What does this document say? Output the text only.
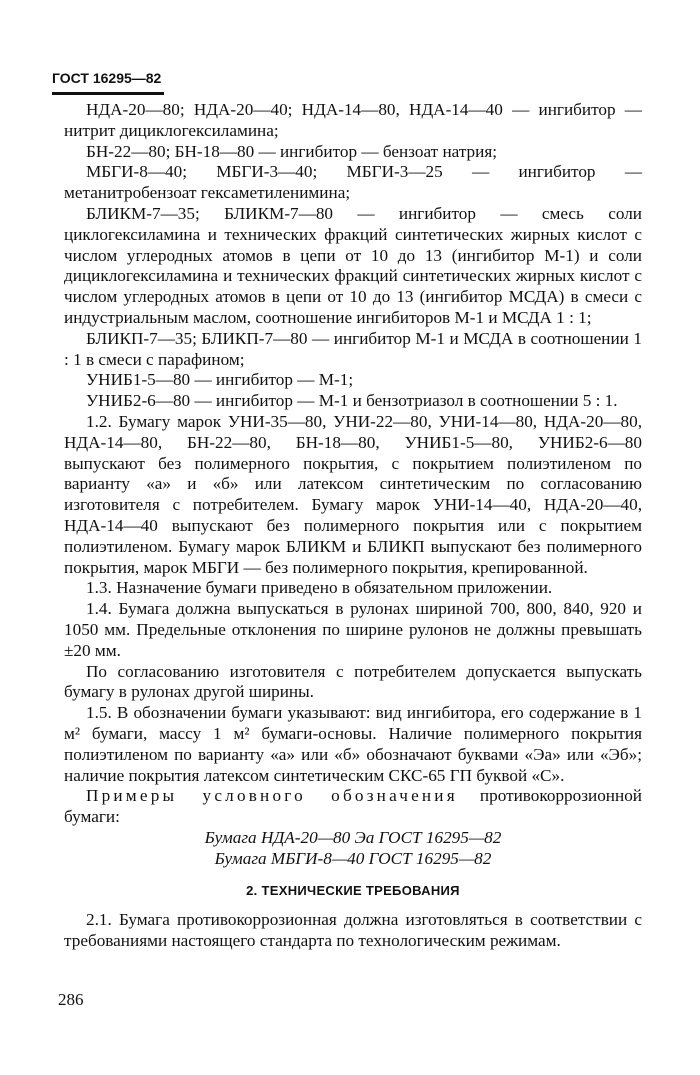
ГОСТ 16295—82

НДА-20—80; НДА-20—40; НДА-14—80, НДА-14—40 — ингибитор — нитрит дициклогексиламина;

БН-22—80; БН-18—80 — ингибитор — бензоат натрия;

МБГИ-8—40; МБГИ-3—40; МБГИ-3—25 — ингибитор — метанитробензоат гексаметиленимина;

БЛИКМ-7—35; БЛИКМ-7—80 — ингибитор — смесь соли циклогексиламина и технических фракций синтетических жирных кислот с числом углеродных атомов в цепи от 10 до 13 (ингибитор М-1) и соли дициклогексиламина и технических фракций синтетических жирных кислот с числом углеродных атомов в цепи от 10 до 13 (ингибитор МСДА) в смеси с индустриальным маслом, соотношение ингибиторов М-1 и МСДА 1 : 1;

БЛИКП-7—35; БЛИКП-7—80 — ингибитор М-1 и МСДА в соотношении 1 : 1 в смеси с парафином;

УНИБ1-5—80 — ингибитор — М-1;

УНИБ2-6—80 — ингибитор — М-1 и бензотриазол в соотношении 5 : 1.

1.2. Бумагу марок УНИ-35—80, УНИ-22—80, УНИ-14—80, НДА-20—80, НДА-14—80, БН-22—80, БН-18—80, УНИБ1-5—80, УНИБ2-6—80 выпускают без полимерного покрытия, с покрытием полиэтиленом по варианту «а» и «б» или латексом синтетическим по согласованию изготовителя с потребителем. Бумагу марок УНИ-14—40, НДА-20—40, НДА-14—40 выпускают без полимерного покрытия или с покрытием полиэтиленом. Бумагу марок БЛИКМ и БЛИКП выпускают без полимерного покрытия, марок МБГИ — без полимерного покрытия, крепированной.

1.3. Назначение бумаги приведено в обязательном приложении.

1.4. Бумага должна выпускаться в рулонах шириной 700, 800, 840, 920 и 1050 мм. Предельные отклонения по ширине рулонов не должны превышать ±20 мм.

По согласованию изготовителя с потребителем допускается выпускать бумагу в рулонах другой ширины.

1.5. В обозначении бумаги указывают: вид ингибитора, его содержание в 1 м² бумаги, массу 1 м² бумаги-основы. Наличие полимерного покрытия полиэтиленом по варианту «а» или «б» обозначают буквами «Эа» или «Эб»; наличие покрытия латексом синтетическим СКС-65 ГП буквой «С».

Примеры условного обозначения противокоррозионной бумаги:

Бумага НДА-20—80 Эа ГОСТ 16295—82

Бумага МБГИ-8—40 ГОСТ 16295—82

2. ТЕХНИЧЕСКИЕ ТРЕБОВАНИЯ

2.1. Бумага противокоррозионная должна изготовляться в соответствии с требованиями настоящего стандарта по технологическим режимам.

286
